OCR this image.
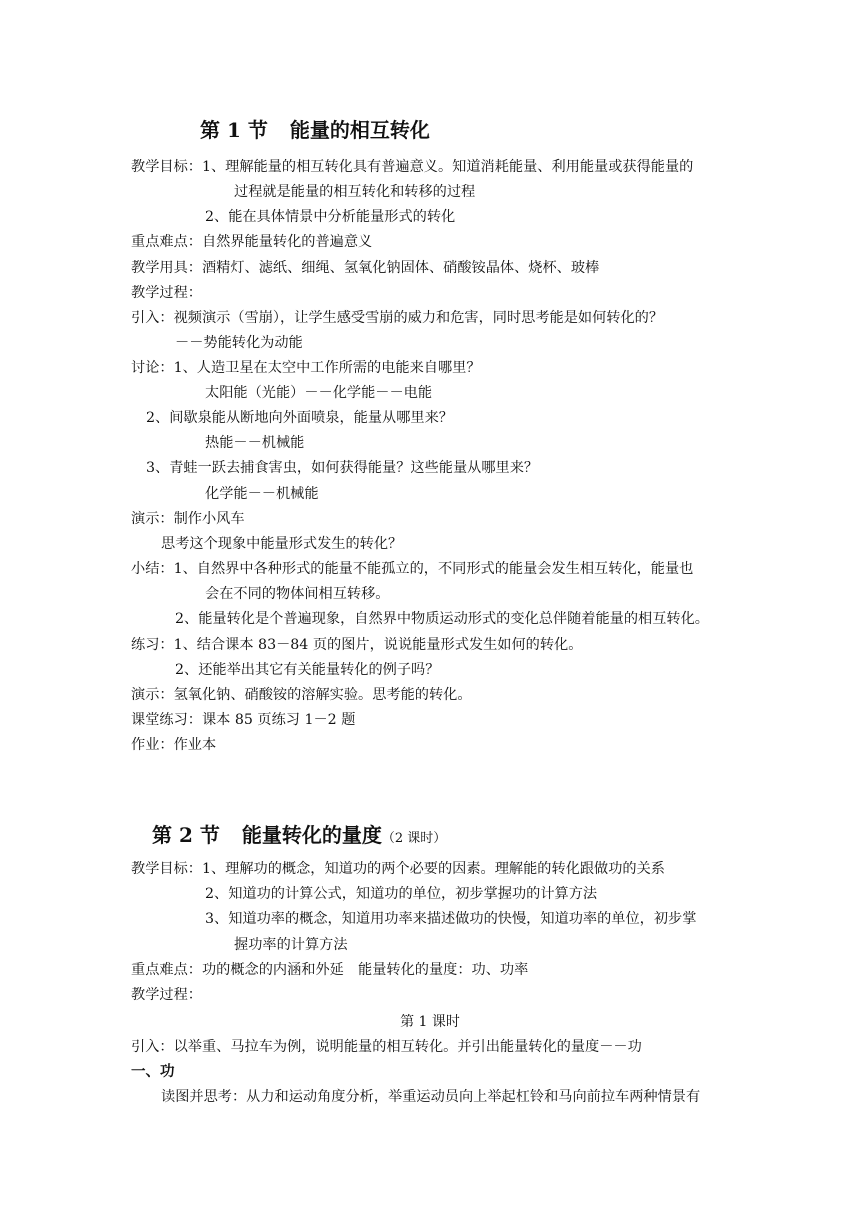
第 1 节 能量的相互转化
教学目标：1、理解能量的相互转化具有普遍意义。知道消耗能量、利用能量或获得能量的
过程就是能量的相互转化和转移的过程
2、能在具体情景中分析能量形式的转化
重点难点：自然界能量转化的普遍意义
教学用具：酒精灯、滤纸、细绳、氢氧化钠固体、硝酸铵晶体、烧杯、玻棒
教学过程：
引入：视频演示（雪崩），让学生感受雪崩的威力和危害，同时思考能是如何转化的？
－－势能转化为动能
讨论：1、人造卫星在太空中工作所需的电能来自哪里？
太阳能（光能）－－化学能－－电能
2、间歇泉能从断地向外面喷泉，能量从哪里来？
热能－－机械能
3、青蛙一跃去捕食害虫，如何获得能量？这些能量从哪里来？
化学能－－机械能
演示：制作小风车
思考这个现象中能量形式发生的转化？
小结：1、自然界中各种形式的能量不能孤立的，不同形式的能量会发生相互转化，能量也
会在不同的物体间相互转移。
2、能量转化是个普遍现象，自然界中物质运动形式的变化总伴随着能量的相互转化。
练习：1、结合课本 83－84 页的图片，说说能量形式发生如何的转化。
2、还能举出其它有关能量转化的例子吗？
演示：氢氧化钠、硝酸铵的溶解实验。思考能的转化。
课堂练习：课本 85 页练习 1－2 题
作业：作业本
第 2 节 能量转化的量度（2 课时）
教学目标：1、理解功的概念，知道功的两个必要的因素。理解能的转化跟做功的关系
2、知道功的计算公式，知道功的单位，初步掌握功的计算方法
3、知道功率的概念，知道用功率来描述做功的快慢，知道功率的单位，初步掌
握功率的计算方法
重点难点：功的概念的内涵和外延　能量转化的量度：功、功率
教学过程：
第 1 课时
引入：以举重、马拉车为例，说明能量的相互转化。并引出能量转化的量度－－功
一、功
读图并思考：从力和运动角度分析，举重运动员向上举起杠铃和马向前拉车两种情景有
